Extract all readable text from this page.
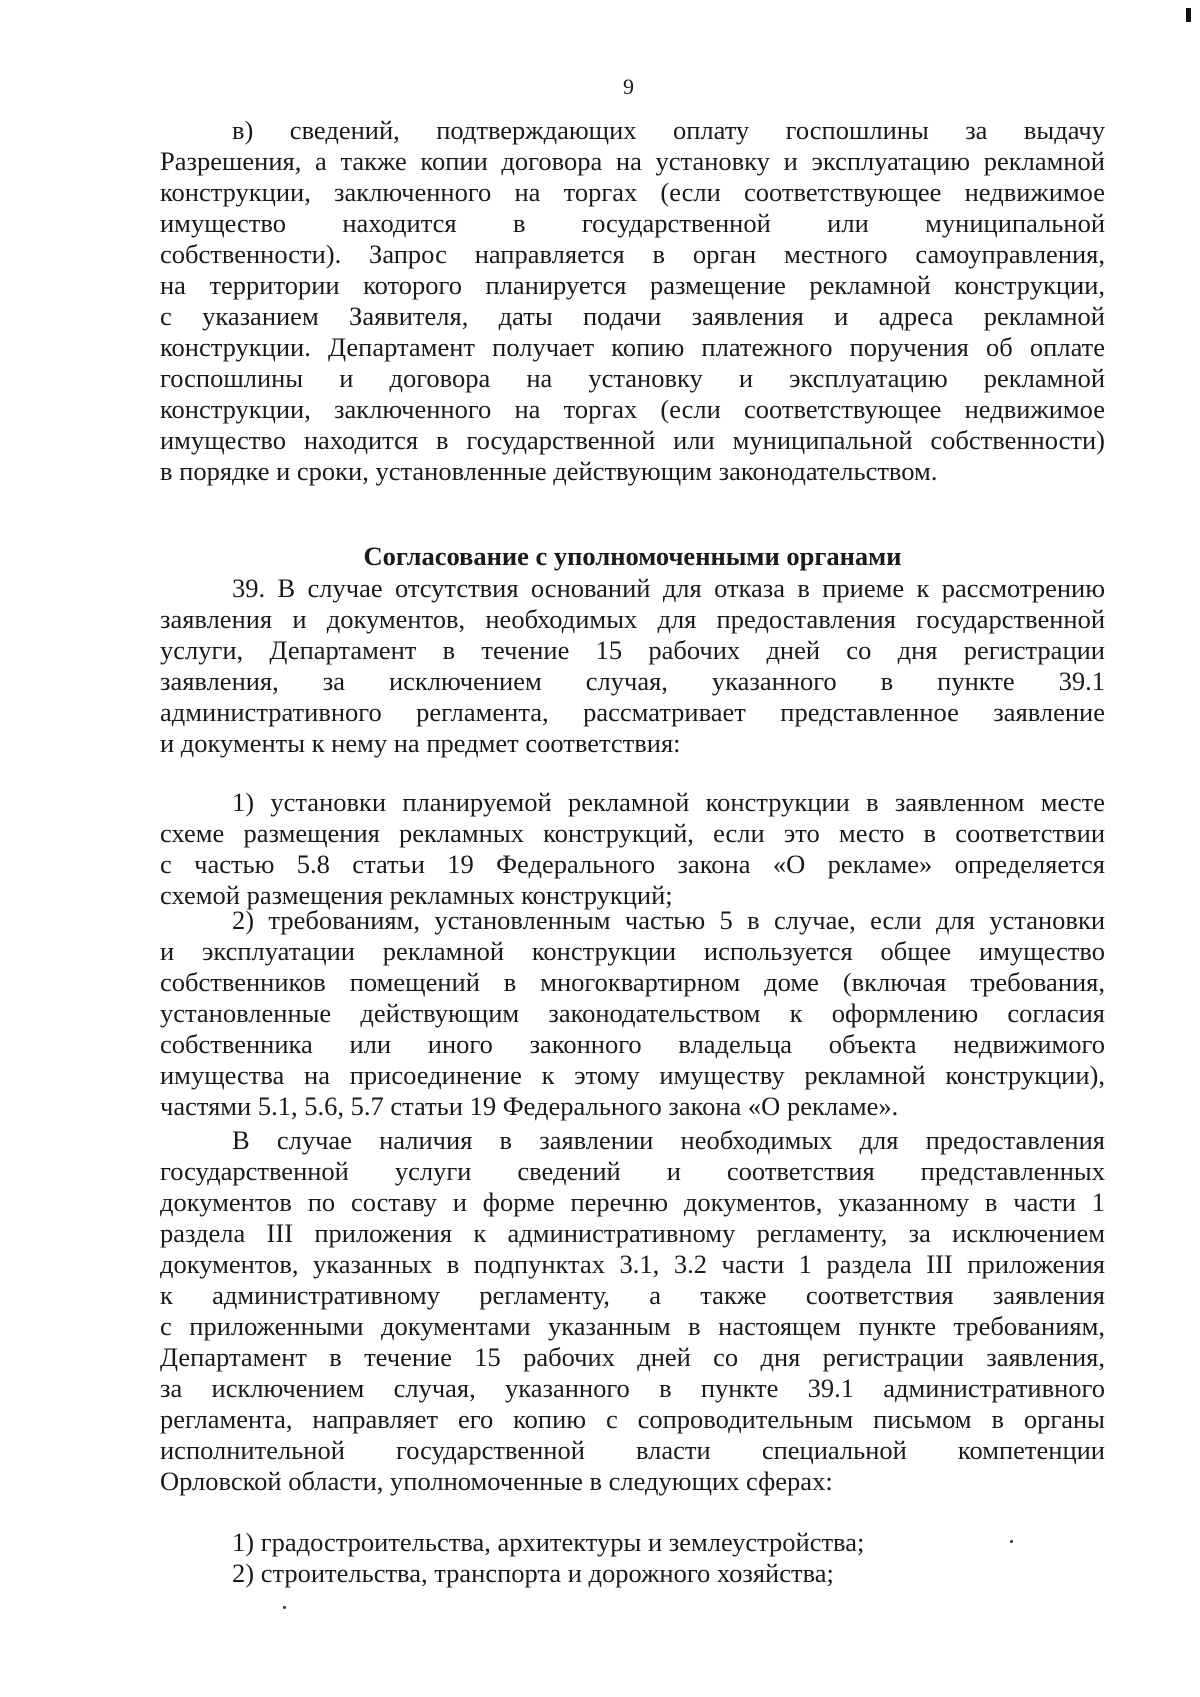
9
в) сведений, подтверждающих оплату госпошлины за выдачу
Разрешения, а также копии договора на установку и эксплуатацию рекламной
конструкции, заключенного на торгах (если соответствующее недвижимое
имущество находится в государственной или муниципальной
собственности). Запрос направляется в орган местного самоуправления,
на территории которого планируется размещение рекламной конструкции,
с указанием Заявителя, даты подачи заявления и адреса рекламной
конструкции. Департамент получает копию платежного поручения об оплате
госпошлины и договора на установку и эксплуатацию рекламной
конструкции, заключенного на торгах (если соответствующее недвижимое
имущество находится в государственной или муниципальной собственности)
в порядке и сроки, установленные действующим законодательством.
Согласование с уполномоченными органами
39. В случае отсутствия оснований для отказа в приеме к рассмотрению
заявления и документов, необходимых для предоставления государственной
услуги, Департамент в течение 15 рабочих дней со дня регистрации
заявления, за исключением случая, указанного в пункте 39.1
административного регламента, рассматривает представленное заявление
и документы к нему на предмет соответствия:
1) установки планируемой рекламной конструкции в заявленном месте
схеме размещения рекламных конструкций, если это место в соответствии
с частью 5.8 статьи 19 Федерального закона «О рекламе» определяется
схемой размещения рекламных конструкций;
2) требованиям, установленным частью 5 в случае, если для установки
и эксплуатации рекламной конструкции используется общее имущество
собственников помещений в многоквартирном доме (включая требования,
установленные действующим законодательством к оформлению согласия
собственника или иного законного владельца объекта недвижимого
имущества на присоединение к этому имуществу рекламной конструкции),
частями 5.1, 5.6, 5.7 статьи 19 Федерального закона «О рекламе».
В случае наличия в заявлении необходимых для предоставления
государственной услуги сведений и соответствия представленных
документов по составу и форме перечню документов, указанному в части 1
раздела III приложения к административному регламенту, за исключением
документов, указанных в подпунктах 3.1, 3.2 части 1 раздела III приложения
к административному регламенту, а также соответствия заявления
с приложенными документами указанным в настоящем пункте требованиям,
Департамент в течение 15 рабочих дней со дня регистрации заявления,
за исключением случая, указанного в пункте 39.1 административного
регламента, направляет его копию с сопроводительным письмом в органы
исполнительной государственной власти специальной компетенции
Орловской области, уполномоченные в следующих сферах:
1) градостроительства, архитектуры и землеустройства;
2) строительства, транспорта и дорожного хозяйства;
